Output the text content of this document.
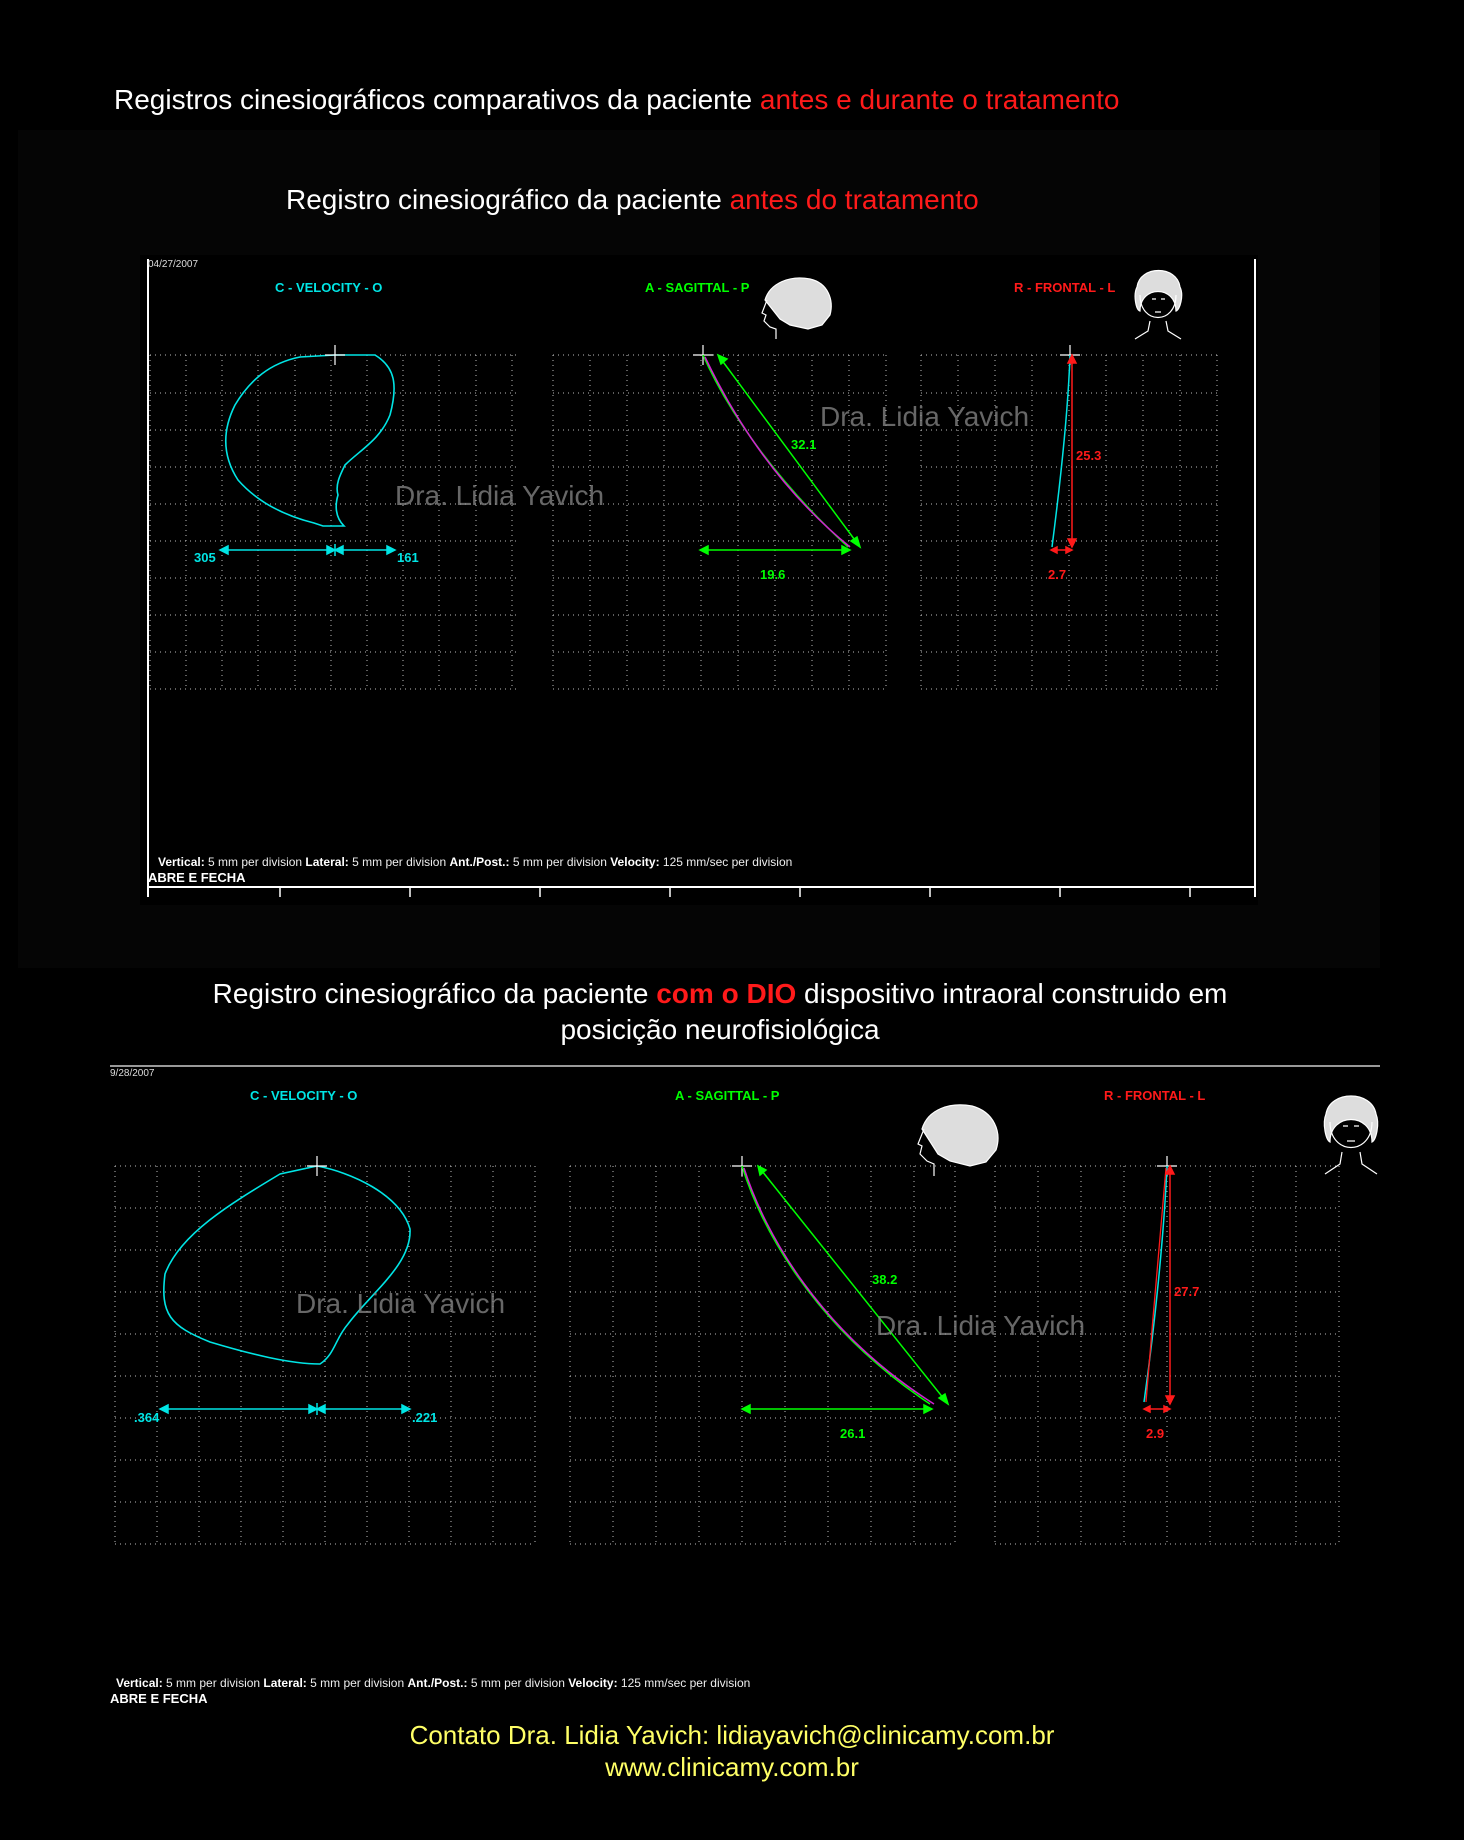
Registros cinesiográficos comparativos da paciente antes e durante o tratamento
Registro cinesiográfico da paciente antes do tratamento
04/27/2007
C - VELOCITY - O	A - SAGITTAL - P	R - FRONTAL - L
305	161
32.1
19.6
25.3
2.7
Dra. Lidia Yavich
Dra. Lidia Yavich
Vertical: 5 mm per division Lateral: 5 mm per division Ant./Post.: 5 mm per division Velocity: 125 mm/sec per division
ABRE E FECHA
Registro cinesiográfico da paciente com o DIO dispositivo intraoral construido em
posicição neurofisiológica
9/28/2007
C - VELOCITY - O	A - SAGITTAL - P	R - FRONTAL - L
.364	.221
38.2
26.1
27.7
2.9
Dra. Lidia Yavich
Dra. Lidia Yavich
Vertical: 5 mm per division Lateral: 5 mm per division Ant./Post.: 5 mm per division Velocity: 125 mm/sec per division
ABRE E FECHA
Contato Dra. Lidia Yavich: lidiayavich@clinicamy.com.br
www.clinicamy.com.br
